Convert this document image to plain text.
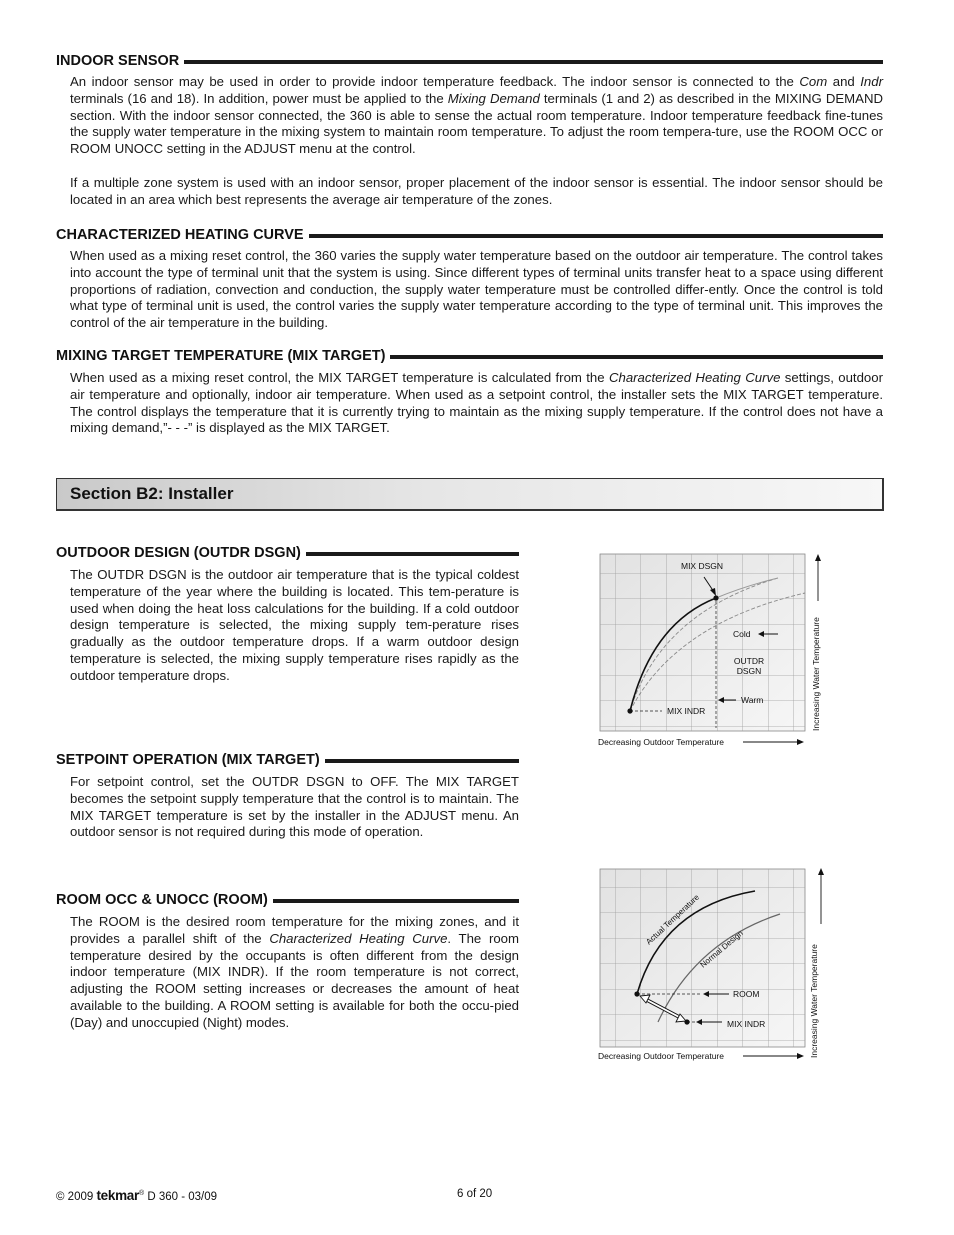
INDOOR SENSOR

An indoor sensor may be used in order to provide indoor temperature feedback. The indoor sensor is connected to the Com and Indr terminals (16 and 18). In addition, power must be applied to the Mixing Demand terminals (1 and 2) as described in the MIXING DEMAND section. With the indoor sensor connected, the 360 is able to sense the actual room temperature. Indoor temperature feedback fine-tunes the supply water temperature in the mixing system to maintain room temperature. To adjust the room tempera-ture, use the ROOM OCC or ROOM UNOCC setting in the ADJUST menu at the control.

If a multiple zone system is used with an indoor sensor, proper placement of the indoor sensor is essential. The indoor sensor should be located in an area which best represents the average air temperature of the zones.

CHARACTERIZED HEATING CURVE

When used as a mixing reset control, the 360 varies the supply water temperature based on the outdoor air temperature. The control takes into account the type of terminal unit that the system is using. Since different types of terminal units transfer heat to a space using different proportions of radiation, convection and conduction, the supply water temperature must be controlled differ-ently. Once the control is told what type of terminal unit is used, the control varies the supply water temperature according to the type of terminal unit. This improves the control of the air temperature in the building.

MIXING TARGET TEMPERATURE (MIX TARGET)

When used as a mixing reset control, the MIX TARGET temperature is calculated from the Characterized Heating Curve settings, outdoor air temperature and optionally, indoor air temperature. When used as a setpoint control, the installer sets the MIX TARGET temperature. The control displays the temperature that it is currently trying to maintain as the mixing supply temperature. If the control does not have a mixing demand,”- - -” is displayed as the MIX TARGET.

Section B2: Installer
OUTDOOR DESIGN (OUTDR DSGN)

The OUTDR DSGN is the outdoor air temperature that is the typical coldest temperature of the year where the building is located. This tem-perature is used when doing the heat loss calculations for the building. If a cold outdoor design temperature is selected, the mixing supply tem-perature rises gradually as the outdoor temperature drops. If a warm outdoor design temperature is selected, the mixing supply temperature rises rapidly as the outdoor temperature drops.

SETPOINT OPERATION (MIX TARGET)

For setpoint control, set the OUTDR DSGN to OFF. The MIX TARGET becomes the setpoint supply temperature that the control is to maintain. The MIX TARGET temperature is set by the installer in the ADJUST menu. An outdoor sensor is not required during this mode of operation.

ROOM OCC & UNOCC (ROOM)

The ROOM is the desired room temperature for the mixing zones, and it provides a parallel shift of the Characterized Heating Curve. The room temperature desired by the occupants is often different from the design indoor temperature (MIX INDR). If the room temperature is not correct, adjusting the ROOM setting increases or decreases the amount of heat available to the building. A ROOM setting is available for both the occu-pied (Day) and unoccupied (Night) modes.

MIX DSGN
Cold
OUTDR
DSGN
Warm
MIX INDR
Decreasing Outdoor Temperature
Increasing Water Temperature
Actual Temperature
Normal Design
ROOM
MIX INDR
Decreasing Outdoor Temperature	Increasing Water Temperature
© 2009 tekmar® D 360 - 03/09	6 of 20
